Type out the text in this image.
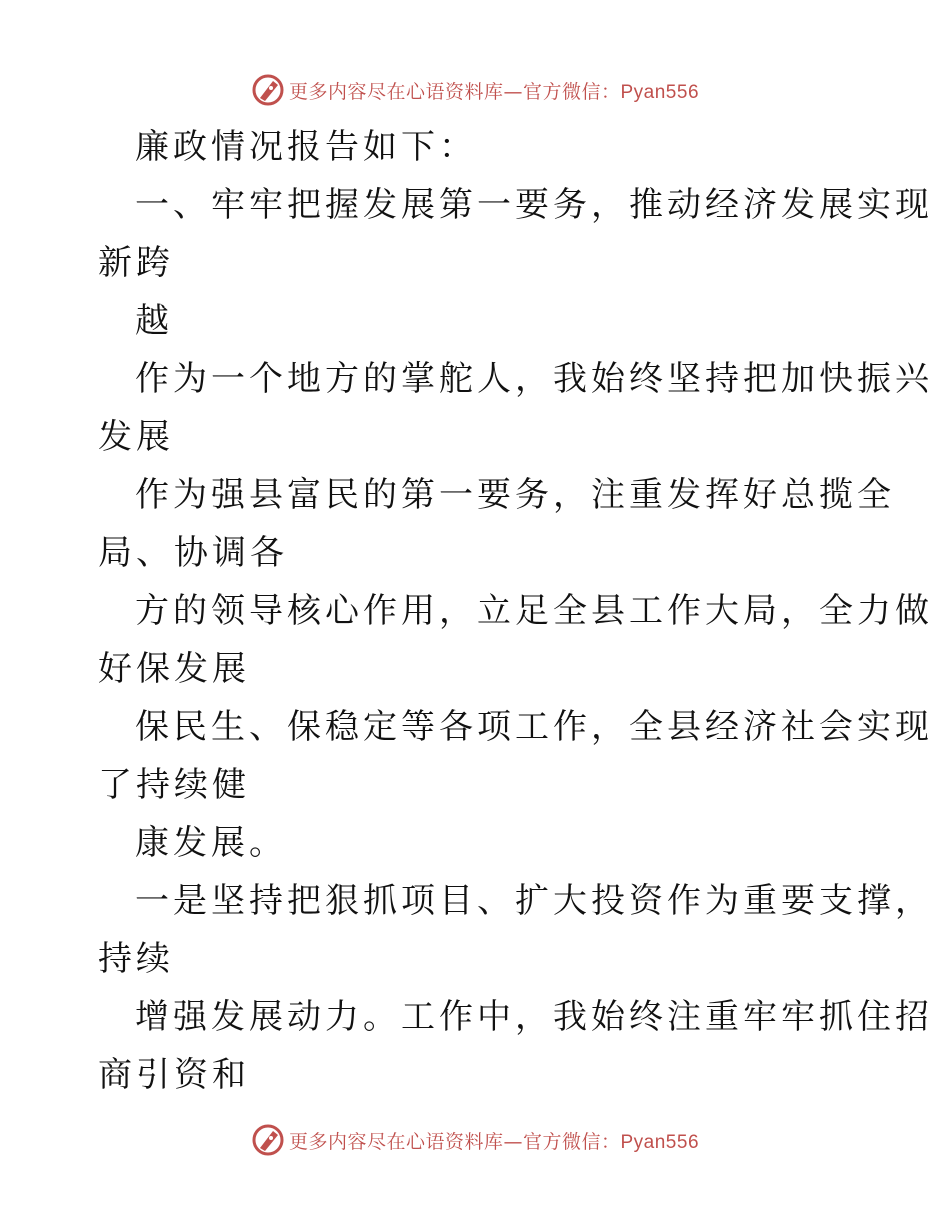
更多内容尽在心语资料库—官方微信：Pyan556
廉政情况报告如下：
一、牢牢把握发展第一要务，推动经济发展实现
新跨
越
作为一个地方的掌舵人，我始终坚持把加快振兴
发展
作为强县富民的第一要务，注重发挥好总揽全
局、协调各
方的领导核心作用，立足全县工作大局，全力做
好保发展
保民生、保稳定等各项工作，全县经济社会实现
了持续健
康发展。
一是坚持把狠抓项目、扩大投资作为重要支撑，
持续
增强发展动力。工作中，我始终注重牢牢抓住招
商引资和
更多内容尽在心语资料库—官方微信：Pyan556
